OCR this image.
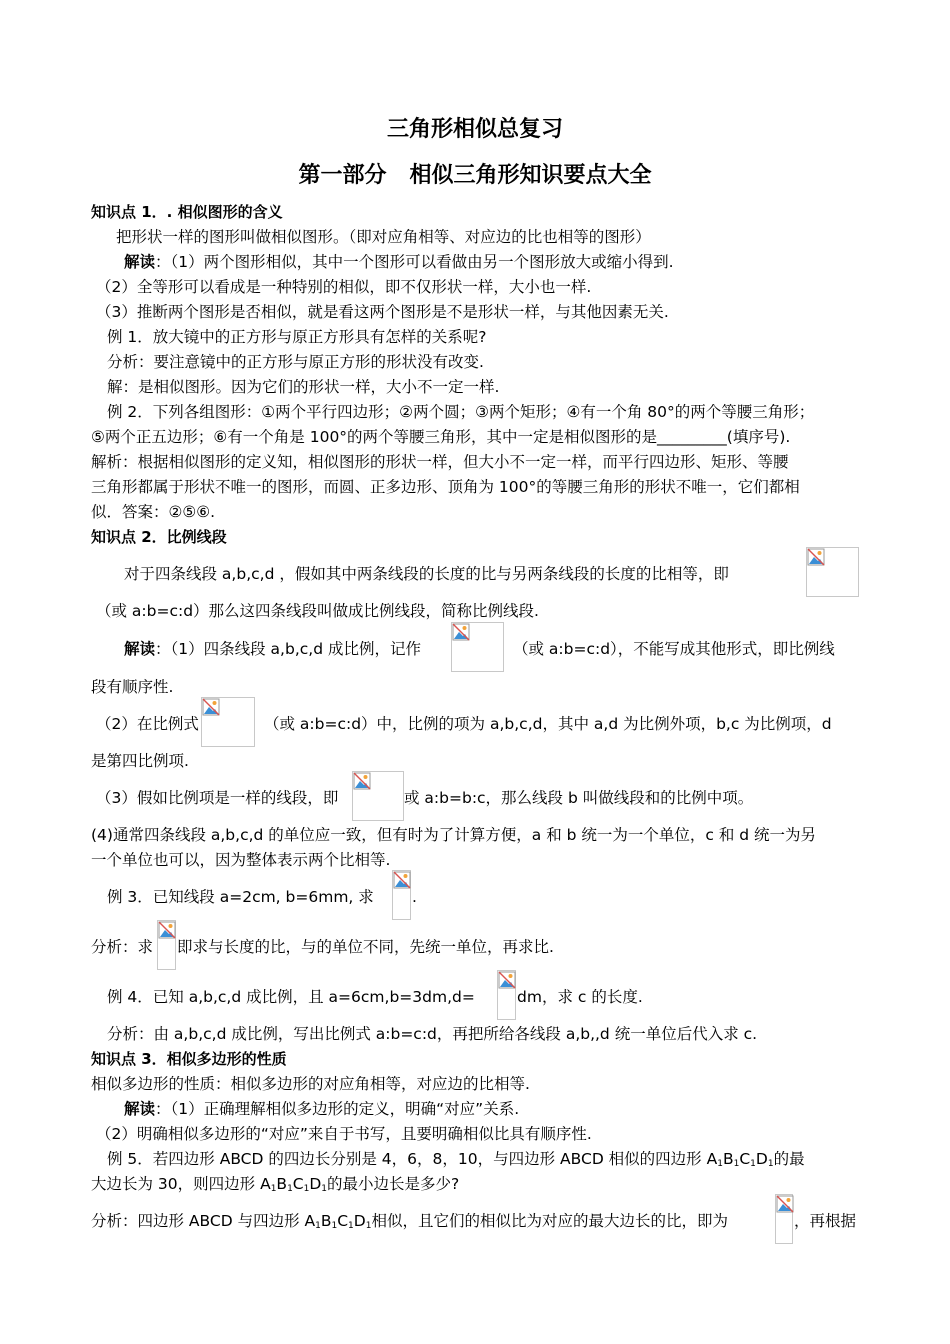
三角形相似总复习
第一部分   相似三角形知识要点大全
知识点 1．. 相似图形的含义
把形状一样的图形叫做相似图形。（即对应角相等、对应边的比也相等的图形）
解读：（1）两个图形相似，其中一个图形可以看做由另一个图形放大或缩小得到.
（2）全等形可以看成是一种特别的相似，即不仅形状一样，大小也一样.
（3）推断两个图形是否相似，就是看这两个图形是不是形状一样，与其他因素无关.
例 1．放大镜中的正方形与原正方形具有怎样的关系呢?
分析：要注意镜中的正方形与原正方形的形状没有改变.
解：是相似图形。因为它们的形状一样，大小不一定一样.
例 2．下列各组图形：①两个平行四边形；②两个圆；③两个矩形；④有一个角 80°的两个等腰三角形；
⑤两个正五边形；⑥有一个角是 100°的两个等腰三角形，其中一定是相似图形的是_________(填序号).
解析：根据相似图形的定义知，相似图形的形状一样，但大小不一定一样，而平行四边形、矩形、等腰
三角形都属于形状不唯一的图形，而圆、正多边形、顶角为 100°的等腰三角形的形状不唯一，它们都相
似．答案：②⑤⑥.
知识点 2．比例线段
对于四条线段 a,b,c,d ，假如其中两条线段的长度的比与另两条线段的长度的比相等，即
（或 a:b=c:d）那么这四条线段叫做成比例线段，简称比例线段.
解读：（1）四条线段 a,b,c,d 成比例，记作	（或 a:b=c:d），不能写成其他形式，即比例线
段有顺序性.
（2）在比例式	（或 a:b=c:d）中，比例的项为 a,b,c,d，其中 a,d 为比例外项，b,c 为比例项，d
是第四比例项.
（3）假如比例项是一样的线段，即	或 a:b=b:c，那么线段 b 叫做线段和的比例中项。
(4)通常四条线段 a,b,c,d 的单位应一致，但有时为了计算方便，a 和 b 统一为一个单位，c 和 d 统一为另
一个单位也可以，因为整体表示两个比相等.
例 3．已知线段 a=2cm, b=6mm, 求 .
分析：求 即求与长度的比，与的单位不同，先统一单位，再求比.
例 4．已知 a,b,c,d 成比例，且 a=6cm,b=3dm,d=	dm，求 c 的长度.
分析：由 a,b,c,d 成比例，写出比例式 a:b=c:d，再把所给各线段 a,b,,d 统一单位后代入求 c.
知识点 3．相似多边形的性质
相似多边形的性质：相似多边形的对应角相等，对应边的比相等.
解读：（1）正确理解相似多边形的定义，明确“对应”关系.
（2）明确相似多边形的“对应”来自于书写，且要明确相似比具有顺序性.
例 5．若四边形 ABCD 的四边长分别是 4，6，8，10，与四边形 ABCD 相似的四边形 $A_1B_1C_1D_1$的最
大边长为 30，则四边形 $A_1B_1C_1D_1$的最小边长是多少?
分析：四边形 ABCD 与四边形 $A_1B_1C_1D_1$相似，且它们的相似比为对应的最大边长的比，即为	，再根据
